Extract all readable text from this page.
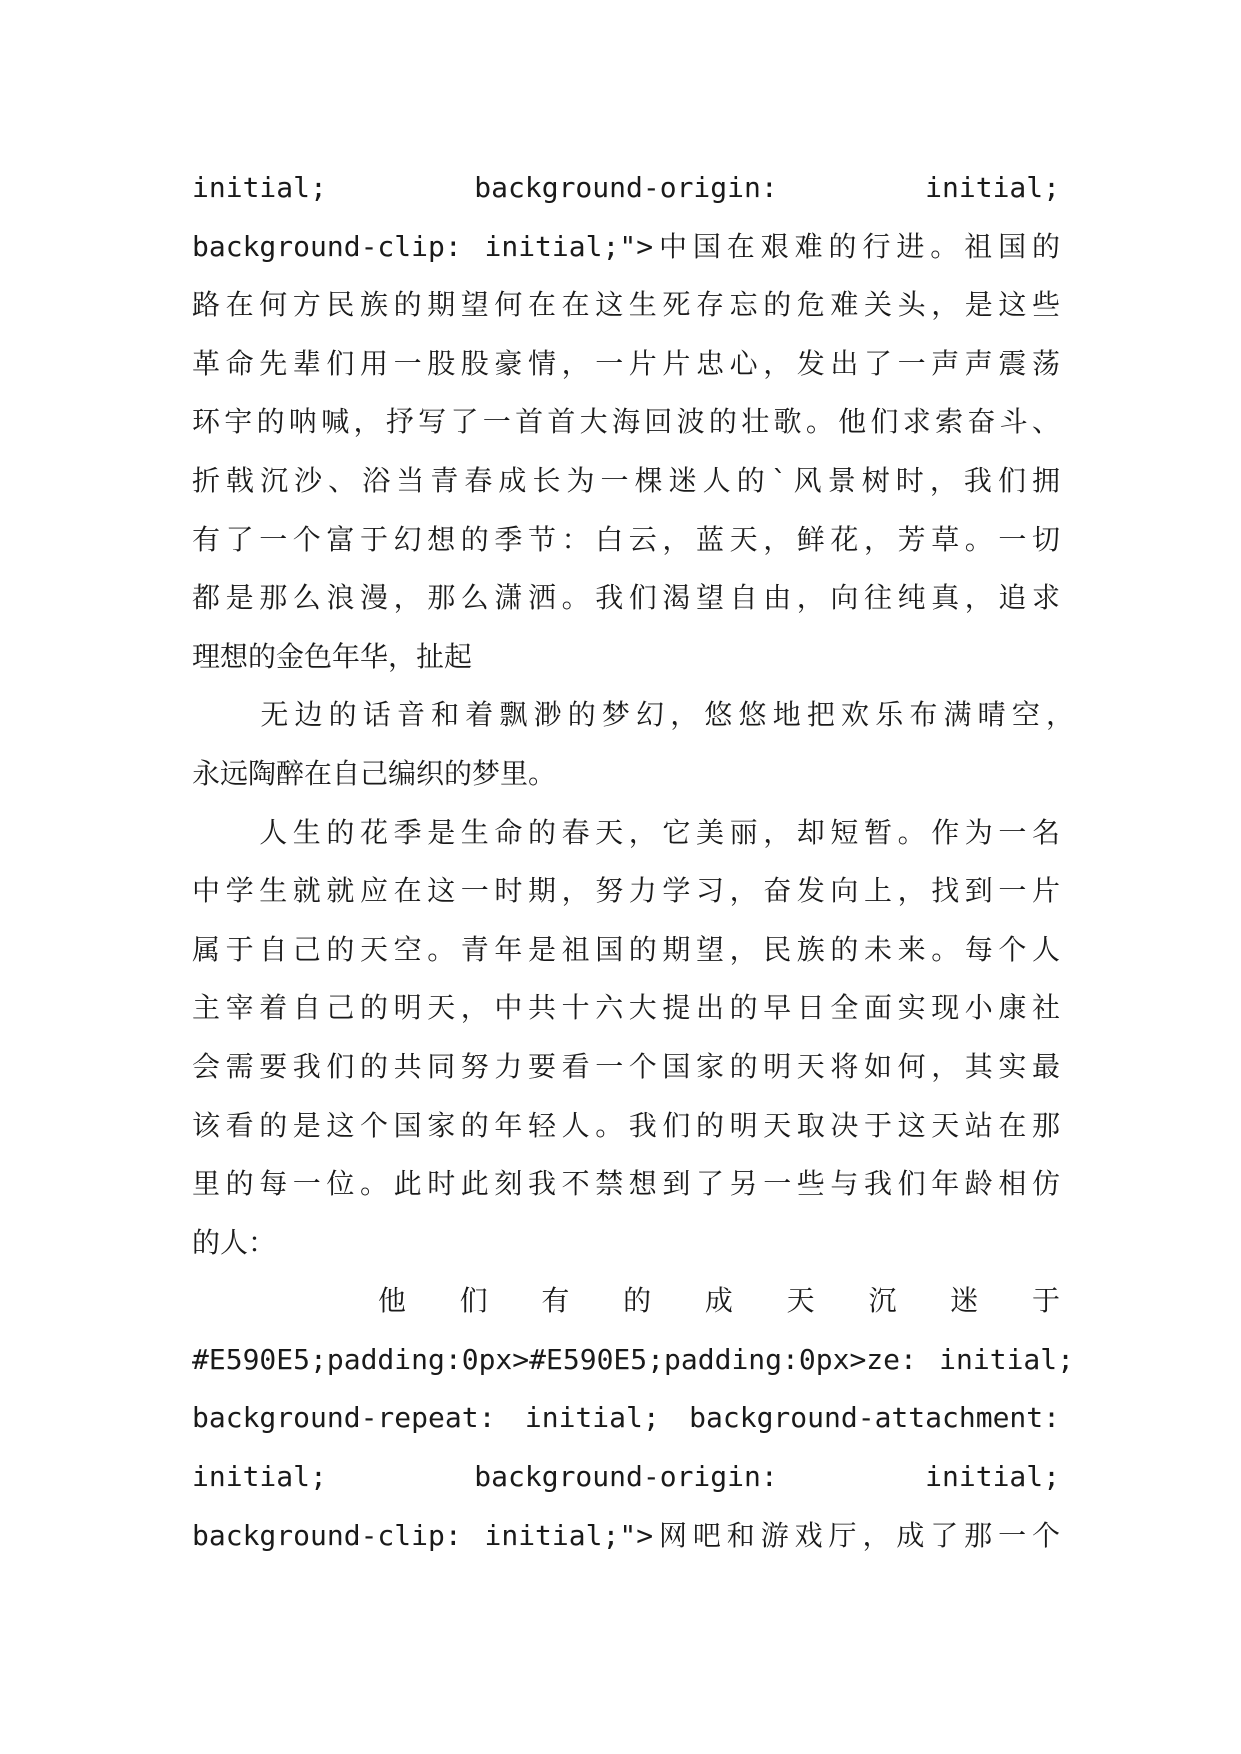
initial; background-origin: initial;
background-clip: initial;">中国在艰难的行进。祖国的
路在何方民族的期望何在在这生死存忘的危难关头，是这些
革命先辈们用一股股豪情，一片片忠心，发出了一声声震荡
环宇的呐喊，抒写了一首首大海回波的壮歌。他们求索奋斗、
折戟沉沙、浴当青春成长为一棵迷人的`风景树时，我们拥
有了一个富于幻想的季节：白云，蓝天，鲜花，芳草。一切
都是那么浪漫，那么潇洒。我们渴望自由，向往纯真，追求
理想的金色年华，扯起
　　无边的话音和着飘渺的梦幻，悠悠地把欢乐布满晴空，
永远陶醉在自己编织的梦里。
　　人生的花季是生命的春天，它美丽，却短暂。作为一名
中学生就就应在这一时期，努力学习，奋发向上，找到一片
属于自己的天空。青年是祖国的期望，民族的未来。每个人
主宰着自己的明天，中共十六大提出的早日全面实现小康社
会需要我们的共同努力要看一个国家的明天将如何，其实最
该看的是这个国家的年轻人。我们的明天取决于这天站在那
里的每一位。此时此刻我不禁想到了另一些与我们年龄相仿
的人：
　　　　他 们 有 的 成 天 沉 迷 于
#E590E5;padding:0px>#E590E5;padding:0px>ze: initial;
background-repeat: initial; background-attachment:
initial; background-origin: initial;
background-clip: initial;">网吧和游戏厅，成了那一个
